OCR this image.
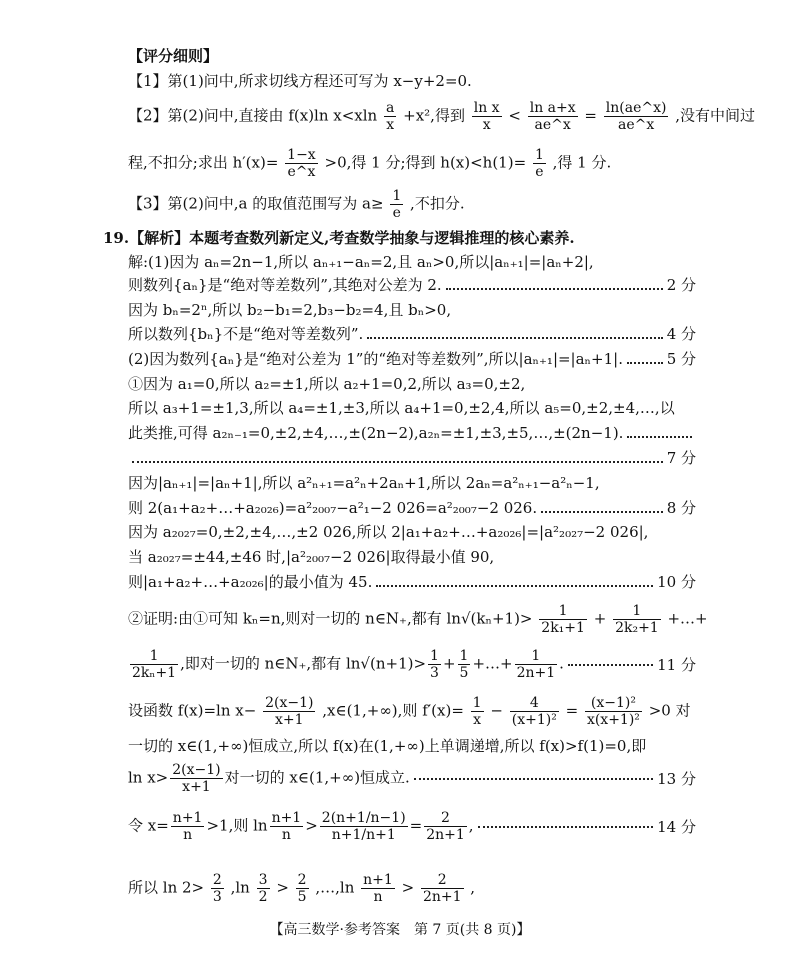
【评分细则】
【1】第(1)问中,所求切线方程还可写为 x−y+2=0.
【2】第(2)问中,直接由 f(x)ln $x<xln \frac{a}{x} +x^2$,得到 $\frac{\text{ln x}}{x} < \frac{\text{ln a+x}}{ae\^{}x} = \frac{\ln(ae\^{}x)}{ae\^{}x}$ ,没有中间过
程,不扣分;求出 $h'(x)= \frac{1-x}{e\^{}x} >0$,得 1 分;得到 $h(x)<h(1)= \frac{1}{e}$ ,得 1 分.
【3】第(2)问中,a 的取值范围写为 $a\ge \frac{1}{e}$ ,不扣分.
19.【解析】本题考查数列新定义,考查数学抽象与逻辑推理的核心素养.
解:(1)因为 aₙ=2n−1,所以 aₙ₊₁−aₙ=2,且 aₙ>0,所以|aₙ₊₁|=|aₙ+2|,
则数列{aₙ}是“绝对等差数列”,其绝对公差为 2.	2 分
因为 bₙ=2ⁿ,所以 b₂−b₁=2,b₃−b₂=4,且 bₙ>0,
所以数列{bₙ}不是“绝对等差数列”.	4 分
(2)因为数列{aₙ}是“绝对公差为 1”的“绝对等差数列”,所以|aₙ₊₁|=|aₙ+1|.	5 分
①因为 a₁=0,所以 a₂=±1,所以 a₂+1=0,2,所以 a₃=0,±2,
所以 a₃+1=±1,3,所以 a₄=±1,±3,所以 a₄+1=0,±2,4,所以 a₅=0,±2,±4,…,以
此类推,可得 a₂ₙ₋₁=0,±2,±4,…,±(2n−2),a₂ₙ=±1,±3,±5,…,±(2n−1).
7 分
因为|aₙ₊₁|=|aₙ+1|,所以 a²ₙ₊₁=a²ₙ+2aₙ+1,所以 2aₙ=a²ₙ₊₁−a²ₙ−1,
则 2(a₁+a₂+…+a₂₀₂₆)=a²₂₀₀₇−a²₁−2 026=a²₂₀₀₇−2 026.	8 分
因为 a₂₀₂₇=0,±2,±4,…,±2 026,所以 2|a₁+a₂+…+a₂₀₂₆|=|a²₂₀₂₇−2 026|,
当 a₂₀₂₇=±44,±46 时,|a²₂₀₀₇−2 026|取得最小值 90,
则|a₁+a₂+…+a₂₀₂₆|的最小值为 45.	10 分
②证明:由①可知 kₙ=n,则对一切的 n∈N₊,都有 $\ln√(k_n+1)> \frac{1}{\text{2k₁+1}} + \frac{1}{\text{2k₂+1}}$ +…+
$\frac{1}{\text{2kₙ+1}}$ ,即对一切的 n∈N₊,都有 $\ln√(n+1)> \frac{1}{3} + \frac{1}{5}$ +…+ $\frac{1}{2n+1}$ .	11 分
设函数 f(x)=ln $x- \frac{2(x-1)}{x+1}$ ,x∈(1,+∞),则 $f'(x)= \frac{1}{x} - \frac{4}{\text{(x+1)²}} = \frac{\text{(x−1)²}}{\text{x(x+1)²}} >0$ 对
一切的 x∈(1,+∞)恒成立,所以 f(x)在(1,+∞)上单调递增,所以 f(x)>f(1)=0,即
$\ln x> \frac{2(x-1)}{x+1}$ 对一切的 x∈(1,+∞)恒成立.	13 分
令 $x= \frac{n+1}{n} >1$,则 $\ln \frac{n+1}{n} > \frac{2(n+1/n-1)}{n+1/n+1} = \frac{2}{2n+1}$ ,	14 分
所以 $\ln 2> \frac{2}{3} ,\ln \frac{3}{2} > \frac{2}{5}$ ,…,ln $\frac{n+1}{n} > \frac{2}{2n+1}$ ,
【高三数学·参考答案　第 7 页(共 8 页)】
